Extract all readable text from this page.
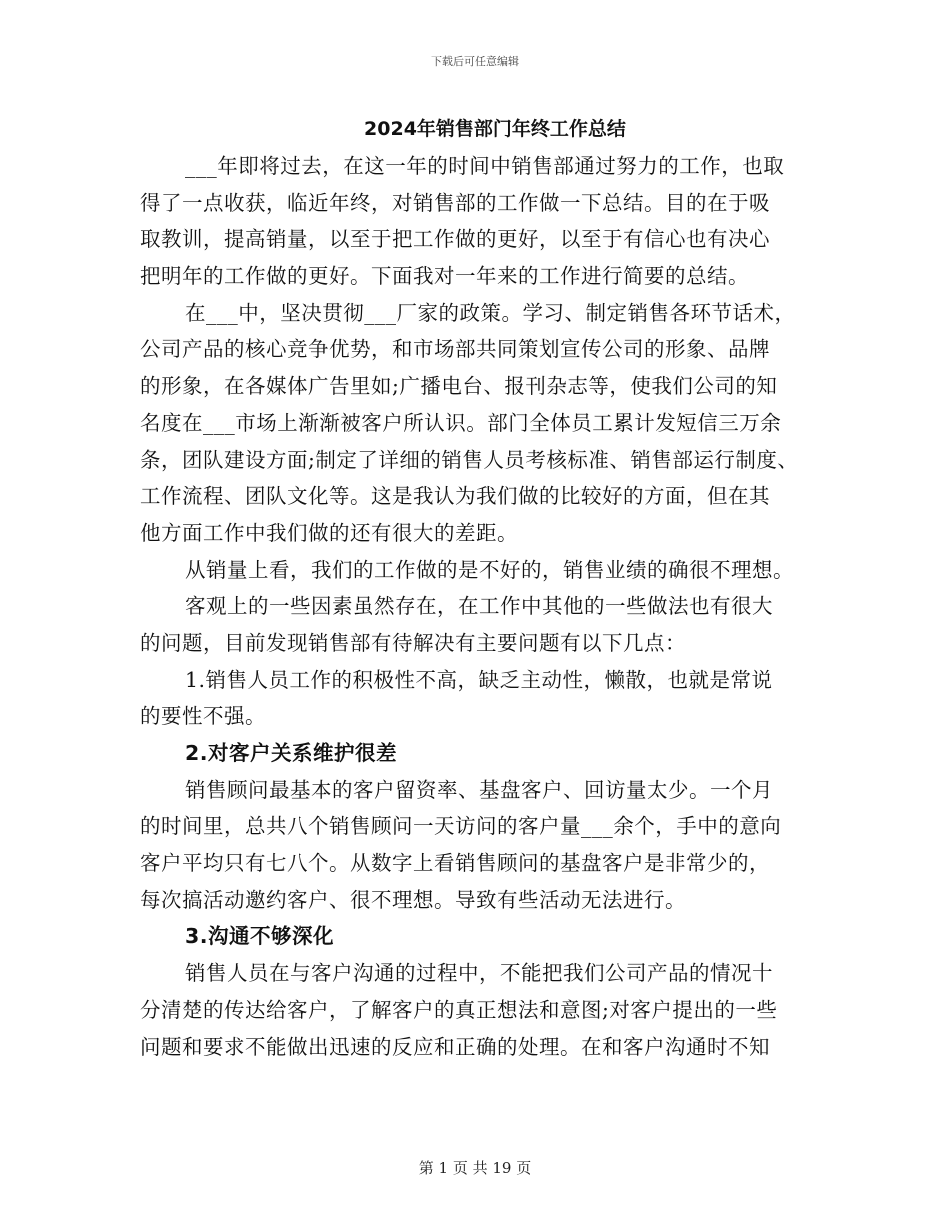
下载后可任意编辑
2024年销售部门年终工作总结
___年即将过去，在这一年的时间中销售部通过努力的工作，也取
得了一点收获，临近年终，对销售部的工作做一下总结。目的在于吸
取教训，提高销量，以至于把工作做的更好，以至于有信心也有决心
把明年的工作做的更好。下面我对一年来的工作进行简要的总结。
在___中，坚决贯彻___厂家的政策。学习、制定销售各环节话术，
公司产品的核心竞争优势，和市场部共同策划宣传公司的形象、品牌
的形象，在各媒体广告里如;广播电台、报刊杂志等，使我们公司的知
名度在___市场上渐渐被客户所认识。部门全体员工累计发短信三万余
条，团队建设方面;制定了详细的销售人员考核标准、销售部运行制度、
工作流程、团队文化等。这是我认为我们做的比较好的方面，但在其
他方面工作中我们做的还有很大的差距。
从销量上看，我们的工作做的是不好的，销售业绩的确很不理想。
客观上的一些因素虽然存在，在工作中其他的一些做法也有很大
的问题，目前发现销售部有待解决有主要问题有以下几点：
1.销售人员工作的积极性不高，缺乏主动性，懒散，也就是常说
的要性不强。
2.对客户关系维护很差
销售顾问最基本的客户留资率、基盘客户、回访量太少。一个月
的时间里，总共八个销售顾问一天访问的客户量___余个，手中的意向
客户平均只有七八个。从数字上看销售顾问的基盘客户是非常少的，
每次搞活动邀约客户、很不理想。导致有些活动无法进行。
3.沟通不够深化
销售人员在与客户沟通的过程中，不能把我们公司产品的情况十
分清楚的传达给客户，了解客户的真正想法和意图;对客户提出的一些
问题和要求不能做出迅速的反应和正确的处理。在和客户沟通时不知
第 1 页 共 19 页
